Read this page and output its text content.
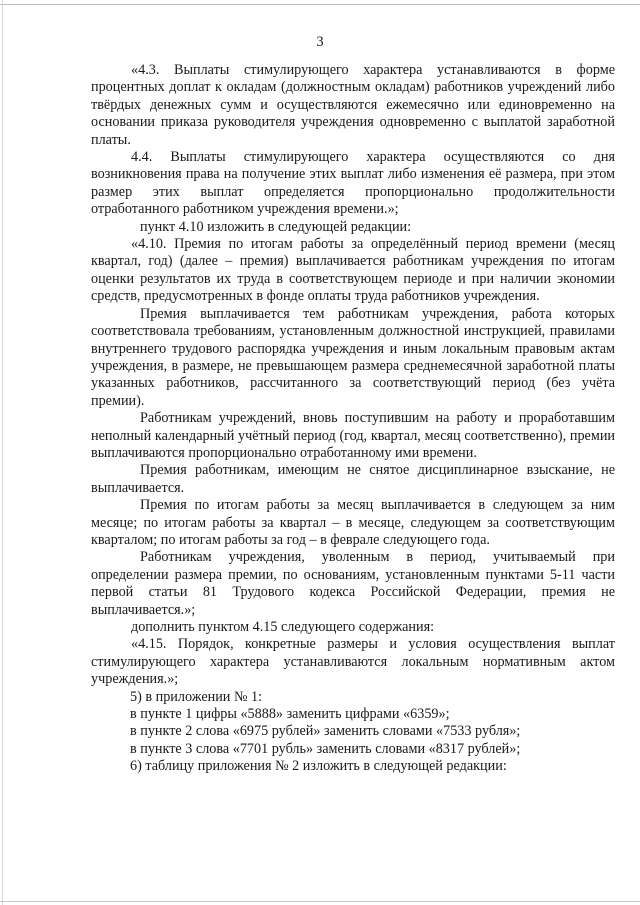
3

«4.3. Выплаты стимулирующего характера устанавливаются в форме процентных доплат к окладам (должностным окладам) работников учреждений либо твёрдых денежных сумм и осуществляются ежемесячно или единовременно на основании приказа руководителя учреждения одновременно с выплатой заработной платы.

4.4. Выплаты стимулирующего характера осуществляются со дня возникновения права на получение этих выплат либо изменения её размера, при этом размер этих выплат определяется пропорционально продолжительности отработанного работником учреждения времени.»;

пункт 4.10 изложить в следующей редакции:

«4.10. Премия по итогам работы за определённый период времени (месяц квартал, год) (далее – премия) выплачивается работникам учреждения по итогам оценки результатов их труда в соответствующем периоде и при наличии экономии средств, предусмотренных в фонде оплаты труда работников учреждения.

Премия выплачивается тем работникам учреждения, работа которых соответствовала требованиям, установленным должностной инструкцией, правилами внутреннего трудового распорядка учреждения и иным локальным правовым актам учреждения, в размере, не превышающем размера среднемесячной заработной платы указанных работников, рассчитанного за соответствующий период (без учёта премии).

Работникам учреждений, вновь поступившим на работу и проработавшим неполный календарный учётный период (год, квартал, месяц соответственно), премии выплачиваются пропорционально отработанному ими времени.

Премия работникам, имеющим не снятое дисциплинарное взыскание, не выплачивается.

Премия по итогам работы за месяц выплачивается в следующем за ним месяце; по итогам работы за квартал – в месяце, следующем за соответствующим кварталом; по итогам работы за год – в феврале следующего года.

Работникам учреждения, уволенным в период, учитываемый при определении размера премии, по основаниям, установленным пунктами 5-11 части первой статьи 81 Трудового кодекса Российской Федерации, премия не выплачивается.»;

дополнить пунктом 4.15 следующего содержания:

«4.15. Порядок, конкретные размеры и условия осуществления выплат стимулирующего характера устанавливаются локальным нормативным актом учреждения.»;

5) в приложении № 1:

в пункте 1 цифры «5888» заменить цифрами «6359»;

в пункте 2 слова «6975 рублей» заменить словами «7533 рубля»;

в пункте 3 слова «7701 рубль» заменить словами «8317 рублей»;

6) таблицу приложения № 2 изложить в следующей редакции:
